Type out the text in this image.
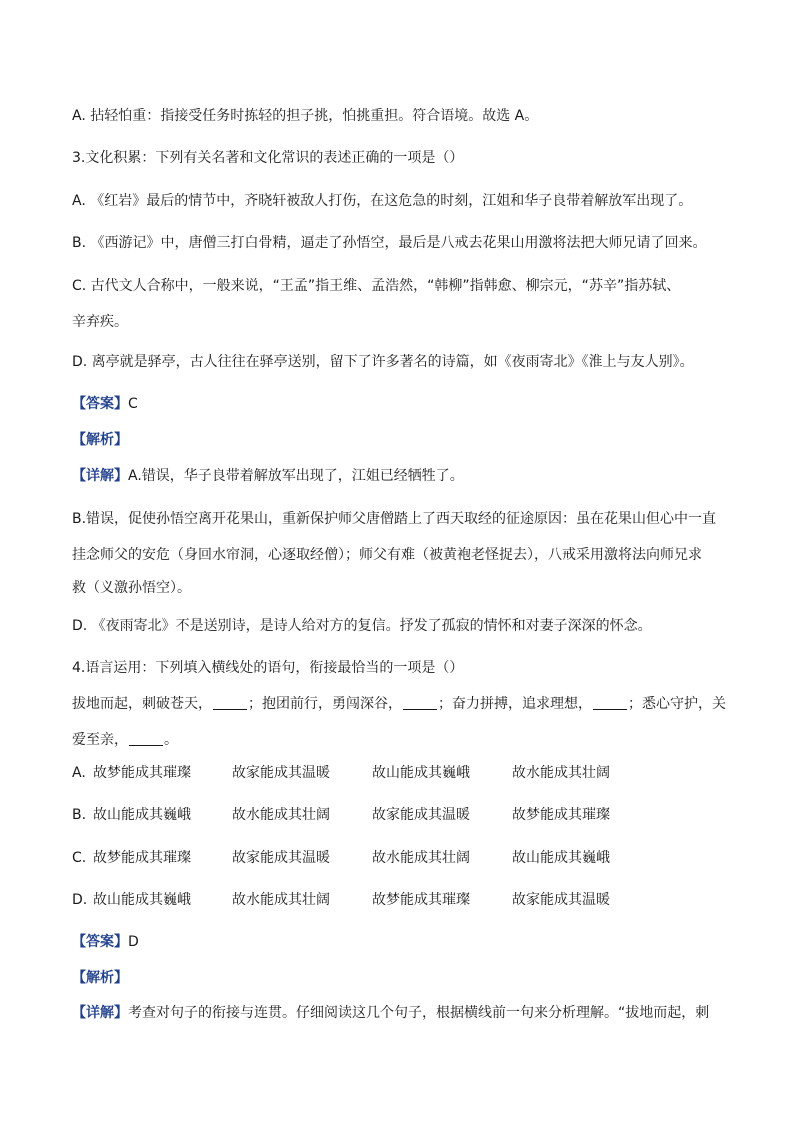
A. 拈轻怕重：指接受任务时拣轻的担子挑，怕挑重担。符合语境。故选 A。
3.文化积累：下列有关名著和文化常识的表述正确的一项是（）
A. 《红岩》最后的情节中，齐晓轩被敌人打伤，在这危急的时刻，江姐和华子良带着解放军出现了。
B. 《西游记》中，唐僧三打白骨精，逼走了孙悟空，最后是八戒去花果山用激将法把大师兄请了回来。
C. 古代文人合称中，一般来说，“王孟”指王维、孟浩然，“韩柳”指韩愈、柳宗元，“苏辛”指苏轼、
辛弃疾。
D. 离亭就是驿亭，古人往往在驿亭送别，留下了许多著名的诗篇，如《夜雨寄北》《淮上与友人别》。
【答案】C
【解析】
【详解】A.错误，华子良带着解放军出现了，江姐已经牺牲了。
B.错误，促使孙悟空离开花果山，重新保护师父唐僧踏上了西天取经的征途原因：虽在花果山但心中一直
挂念师父的安危（身回水帘洞，心逐取经僧）；师父有难（被黄袍老怪捉去），八戒采用激将法向师兄求
救（义激孙悟空）。
D. 《夜雨寄北》不是送别诗，是诗人给对方的复信。抒发了孤寂的情怀和对妻子深深的怀念。
4.语言运用：下列填入横线处的语句，衔接最恰当的一项是（）
拔地而起，刺破苍天，	；抱团前行，勇闯深谷，	；奋力拼搏，追求理想，	；悉心守护，关
爱至亲，	。
A. 故梦能成其璀璨	故家能成其温暖	故山能成其巍峨	故水能成其壮阔
B. 故山能成其巍峨	故水能成其壮阔	故家能成其温暖	故梦能成其璀璨
C. 故梦能成其璀璨	故家能成其温暖	故水能成其壮阔	故山能成其巍峨
D. 故山能成其巍峨	故水能成其壮阔	故梦能成其璀璨	故家能成其温暖
【答案】D
【解析】
【详解】考查对句子的衔接与连贯。仔细阅读这几个句子，根据横线前一句来分析理解。“拔地而起，刺
